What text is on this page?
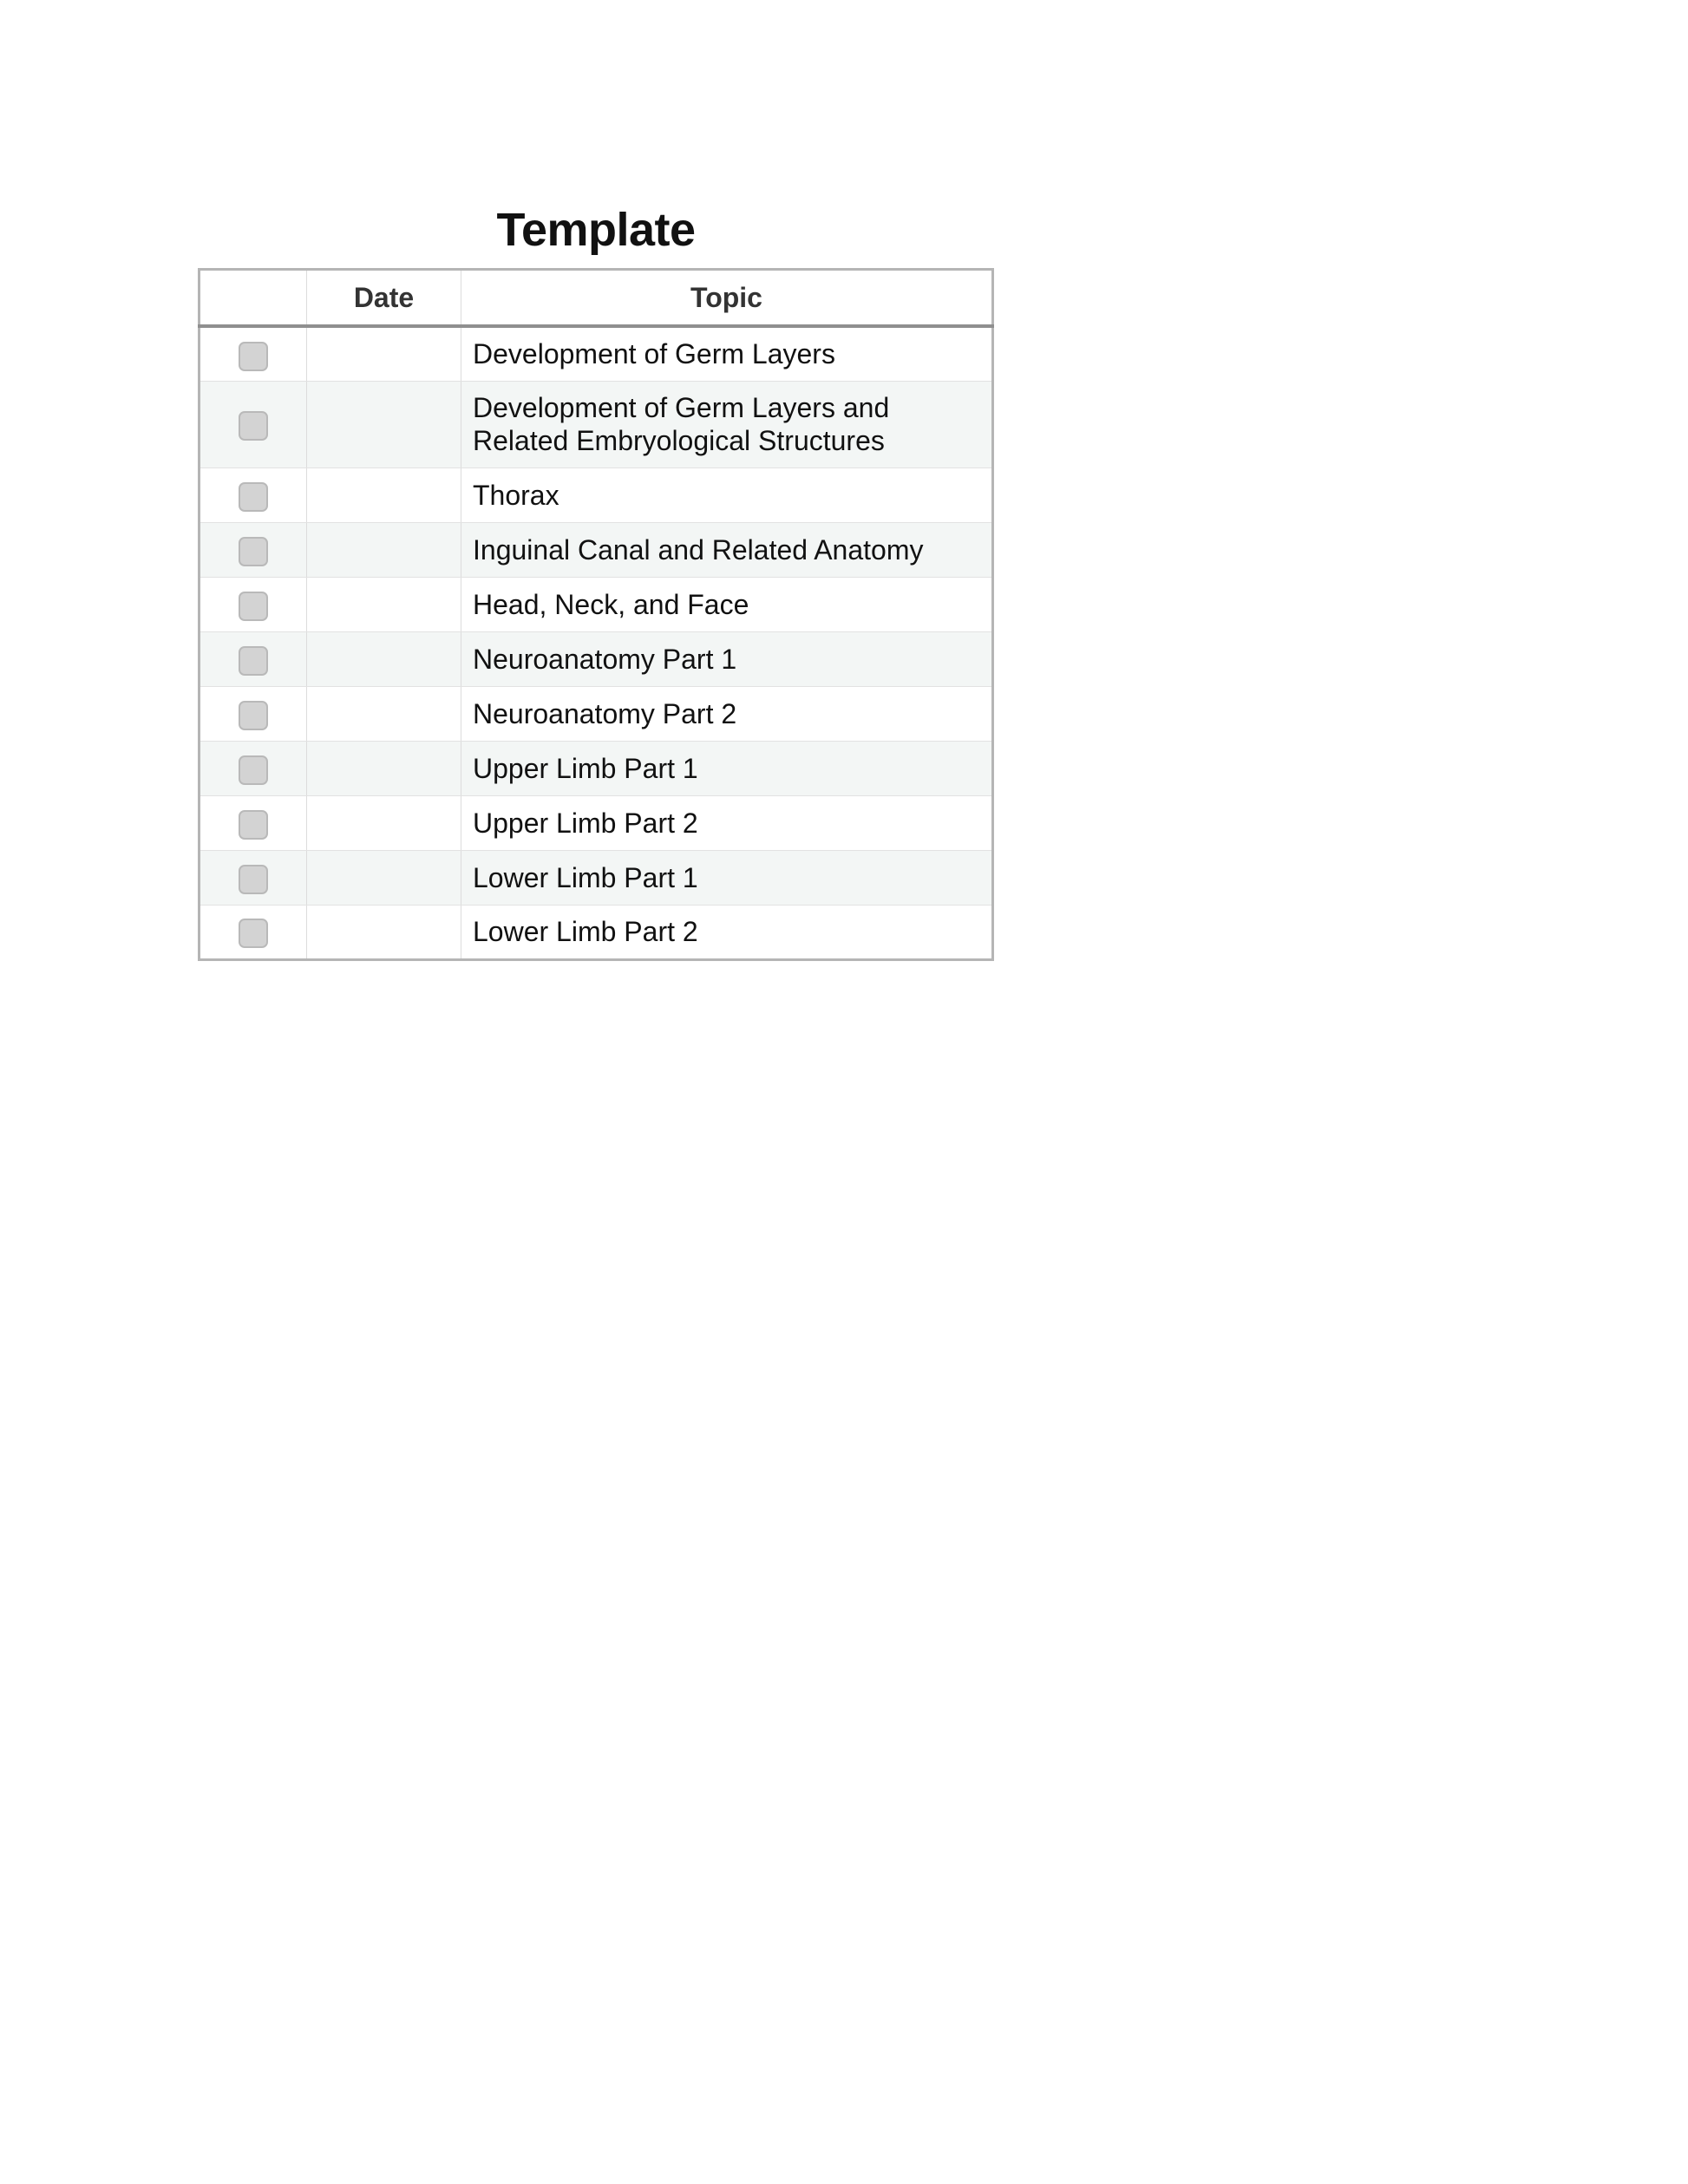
Template
	Date	Topic
		Development of Germ Layers
		Development of Germ Layers and Related Embryological Structures
		Thorax
		Inguinal Canal and Related Anatomy
		Head, Neck, and Face
		Neuroanatomy Part 1
		Neuroanatomy Part 2
		Upper Limb Part 1
		Upper Limb Part 2
		Lower Limb Part 1
		Lower Limb Part 2
